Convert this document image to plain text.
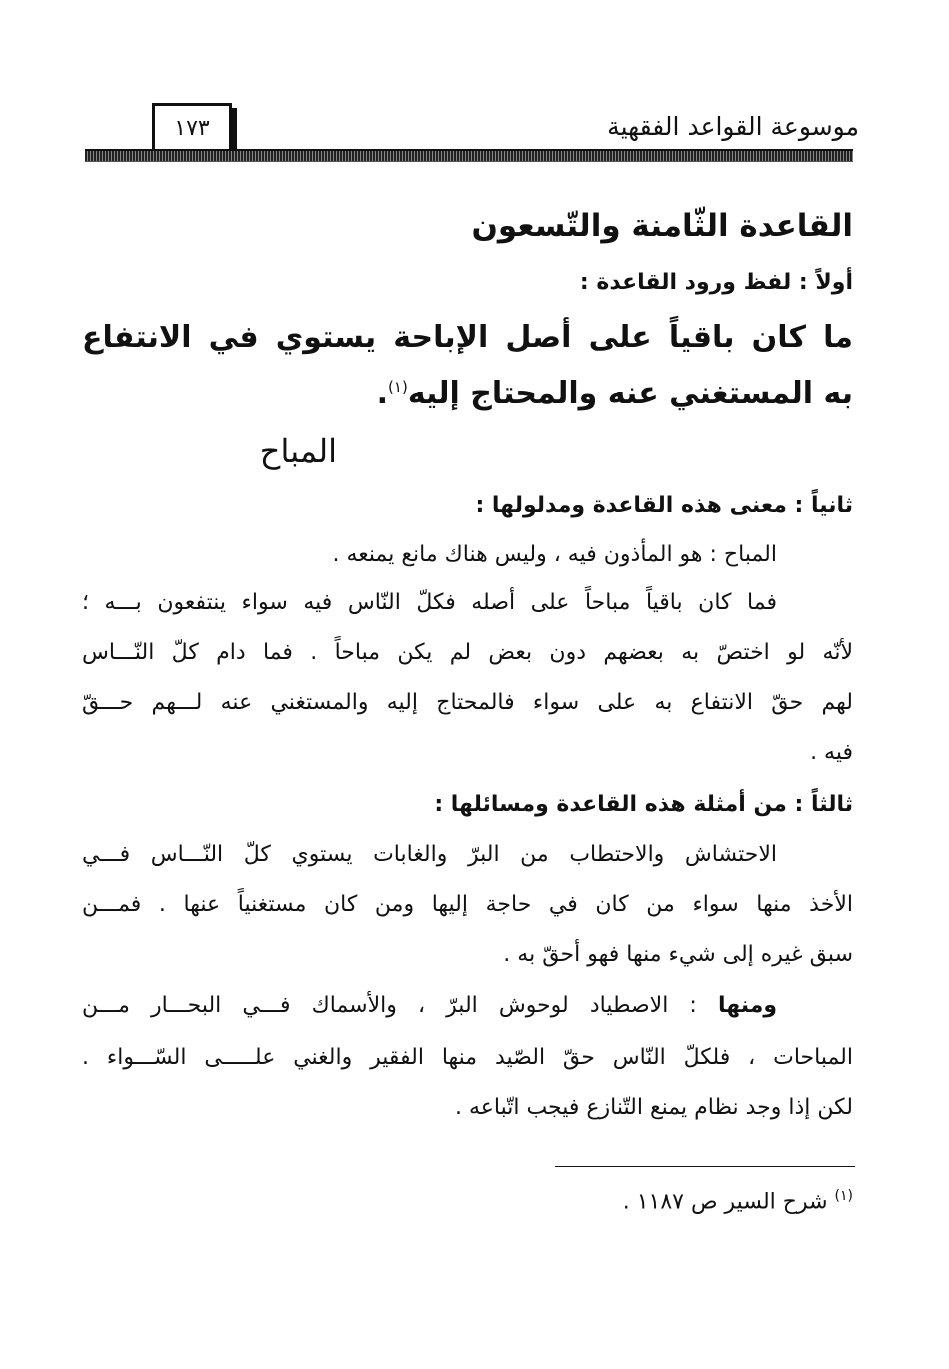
موسوعة القواعد الفقهية
١٧٣
القاعدة الثّامنة والتّسعون
أولاً : لفظ ورود القاعدة :
ما كان باقياً على أصل الإباحة يستوي في الانتفاع
به المستغني عنه والمحتاج إليه$^{(١)}$.
المباح
ثانياً : معنى هذه القاعدة ومدلولها :
المباح : هو المأذون فيه ، وليس هناك مانع يمنعه .
فما كان باقياً مباحاً على أصله فكلّ النّاس فيه سواء ينتفعون بـــه ؛
لأنّه لو اختصّ به بعضهم دون بعض لم يكن مباحاً . فما دام كلّ النّـــاس
لهم حقّ الانتفاع به على سواء فالمحتاج إليه والمستغني عنه لـــهم حـــقّ
فيه .
ثالثاً : من أمثلة هذه القاعدة ومسائلها :
الاحتشاش والاحتطاب من البرّ والغابات يستوي كلّ النّـــاس فـــي
الأخذ منها سواء من كان في حاجة إليها ومن كان مستغنياً عنها . فمـــن
سبق غيره إلى شيء منها فهو أحقّ به .
ومنها : الاصطياد لوحوش البرّ ، والأسماك فـــي البحـــار مـــن
المباحات ، فلكلّ النّاس حقّ الصّيد منها الفقير والغني علـــــى السّـــواء .
لكن إذا وجد نظام يمنع التّنازع فيجب اتّباعه .
$^{(١)}$ شرح السير ص ١١٨٧ .
